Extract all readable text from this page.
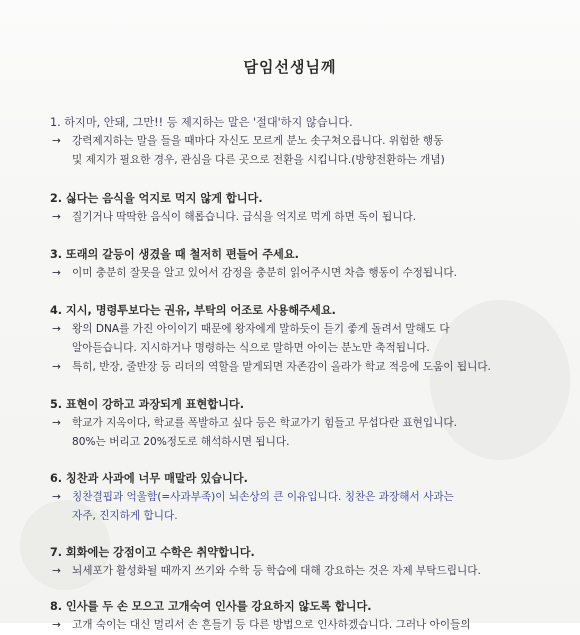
담임선생님께

1. 하지마, 안돼, 그만!! 등 제지하는 말은 '절대'하지 않습니다.

→ 강력제지하는 말을 들을 때마다 자신도 모르게 분노 솟구쳐오릅니다. 위험한 행동

및 제지가 필요한 경우, 관심을 다른 곳으로 전환을 시킵니다.(방향전환하는 개념)

2. 싫다는 음식을 억지로 먹지 않게 합니다.

→ 질기거나 딱딱한 음식이 해롭습니다. 급식을 억지로 먹게 하면 독이 됩니다.

3. 또래의 갈등이 생겼을 때 철저히 편들어 주세요.

→ 이미 충분히 잘못을 알고 있어서 감정을 충분히 읽어주시면 차츰 행동이 수정됩니다.

4. 지시, 명령투보다는 권유, 부탁의 어조로 사용해주세요.

→ 왕의 DNA를 가진 아이이기 때문에 왕자에게 말하듯이 듣기 좋게 돌려서 말해도 다

알아듣습니다. 지시하거나 명령하는 식으로 말하면 아이는 분노만 축적됩니다.

→ 특히, 반장, 줄반장 등 리더의 역할을 맡게되면 자존감이 올라가 학교 적응에 도움이 됩니다.

5. 표현이 강하고 과장되게 표현합니다.

→ 학교가 지옥이다, 학교를 폭발하고 싶다 등은 학교가기 힘들고 무섭다란 표현입니다.

80%는 버리고 20%정도로 해석하시면 됩니다.

6. 칭찬과 사과에 너무 매말라 있습니다.

→ 칭찬결핍과 억울함(=사과부족)이 뇌손상의 큰 이유입니다. 칭찬은 과장해서 사과는

자주, 진지하게 합니다.

7. 회화에는 강점이고 수학은 취약합니다.

→ 뇌세포가 활성화될 때까지 쓰기와 수학 등 학습에 대해 강요하는 것은 자제 부탁드립니다.

8. 인사를 두 손 모으고 고개숙여 인사를 강요하지 않도록 합니다.

→ 고개 숙이는 대신 멀리서 손 흔들기 등 다른 방법으로 인사하겠습니다. 그러나 아이들의
